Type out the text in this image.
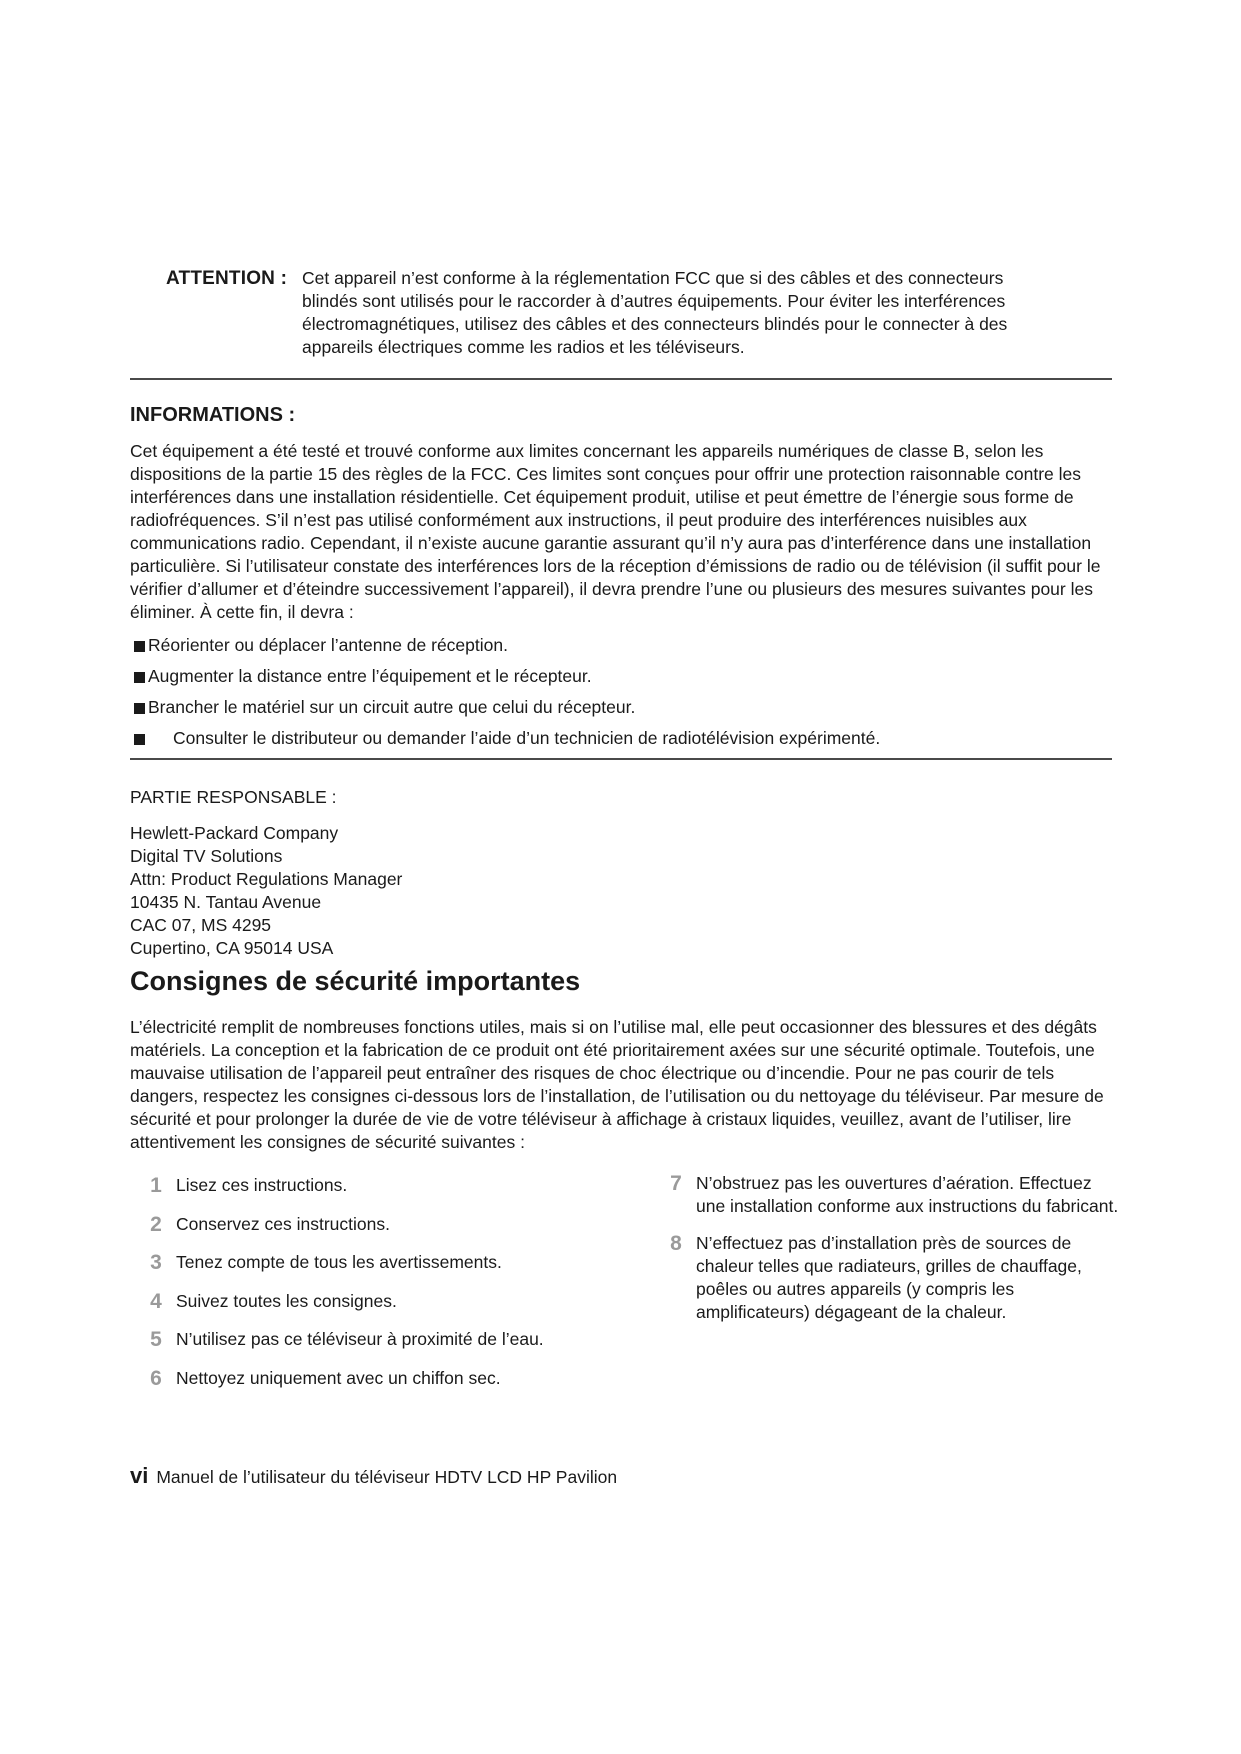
ATTENTION : Cet appareil n’est conforme à la réglementation FCC que si des câbles et des connecteurs blindés sont utilisés pour le raccorder à d’autres équipements. Pour éviter les interférences électromagnétiques, utilisez des câbles et des connecteurs blindés pour le connecter à des appareils électriques comme les radios et les téléviseurs.
INFORMATIONS :
Cet équipement a été testé et trouvé conforme aux limites concernant les appareils numériques de classe B, selon les dispositions de la partie 15 des règles de la FCC. Ces limites sont conçues pour offrir une protection raisonnable contre les interférences dans une installation résidentielle. Cet équipement produit, utilise et peut émettre de l’énergie sous forme de radiofréquences. S’il n’est pas utilisé conformément aux instructions, il peut produire des interférences nuisibles aux communications radio. Cependant, il n’existe aucune garantie assurant qu’il n’y aura pas d’interférence dans une installation particulière. Si l’utilisateur constate des interférences lors de la réception d’émissions de radio ou de télévision (il suffit pour le vérifier d’allumer et d’éteindre successivement l’appareil), il devra prendre l’une ou plusieurs des mesures suivantes pour les éliminer. À cette fin, il devra :
Réorienter ou déplacer l’antenne de réception.
Augmenter la distance entre l’équipement et le récepteur.
Brancher le matériel sur un circuit autre que celui du récepteur.
Consulter le distributeur ou demander l’aide d’un technicien de radiotélévision expérimenté.
PARTIE RESPONSABLE :
Hewlett-Packard Company
Digital TV Solutions
Attn: Product Regulations Manager
10435 N. Tantau Avenue
CAC 07, MS 4295
Cupertino, CA 95014 USA
Consignes de sécurité importantes
L’électricité remplit de nombreuses fonctions utiles, mais si on l’utilise mal, elle peut occasionner des blessures et des dégâts matériels. La conception et la fabrication de ce produit ont été prioritairement axées sur une sécurité optimale. Toutefois, une mauvaise utilisation de l’appareil peut entraîner des risques de choc électrique ou d’incendie. Pour ne pas courir de tels dangers, respectez les consignes ci-dessous lors de l’installation, de l’utilisation ou du nettoyage du téléviseur. Par mesure de sécurité et pour prolonger la durée de vie de votre téléviseur à affichage à cristaux liquides, veuillez, avant de l’utiliser, lire attentivement les consignes de sécurité suivantes :
1 Lisez ces instructions.
2 Conservez ces instructions.
3 Tenez compte de tous les avertissements.
4 Suivez toutes les consignes.
5 N’utilisez pas ce téléviseur à proximité de l’eau.
6 Nettoyez uniquement avec un chiffon sec.
7 N’obstruez pas les ouvertures d’aération. Effectuez une installation conforme aux instructions du fabricant.
8 N’effectuez pas d’installation près de sources de chaleur telles que radiateurs, grilles de chauffage, poêles ou autres appareils (y compris les amplificateurs) dégageant de la chaleur.
vi Manuel de l’utilisateur du téléviseur HDTV LCD HP Pavilion
